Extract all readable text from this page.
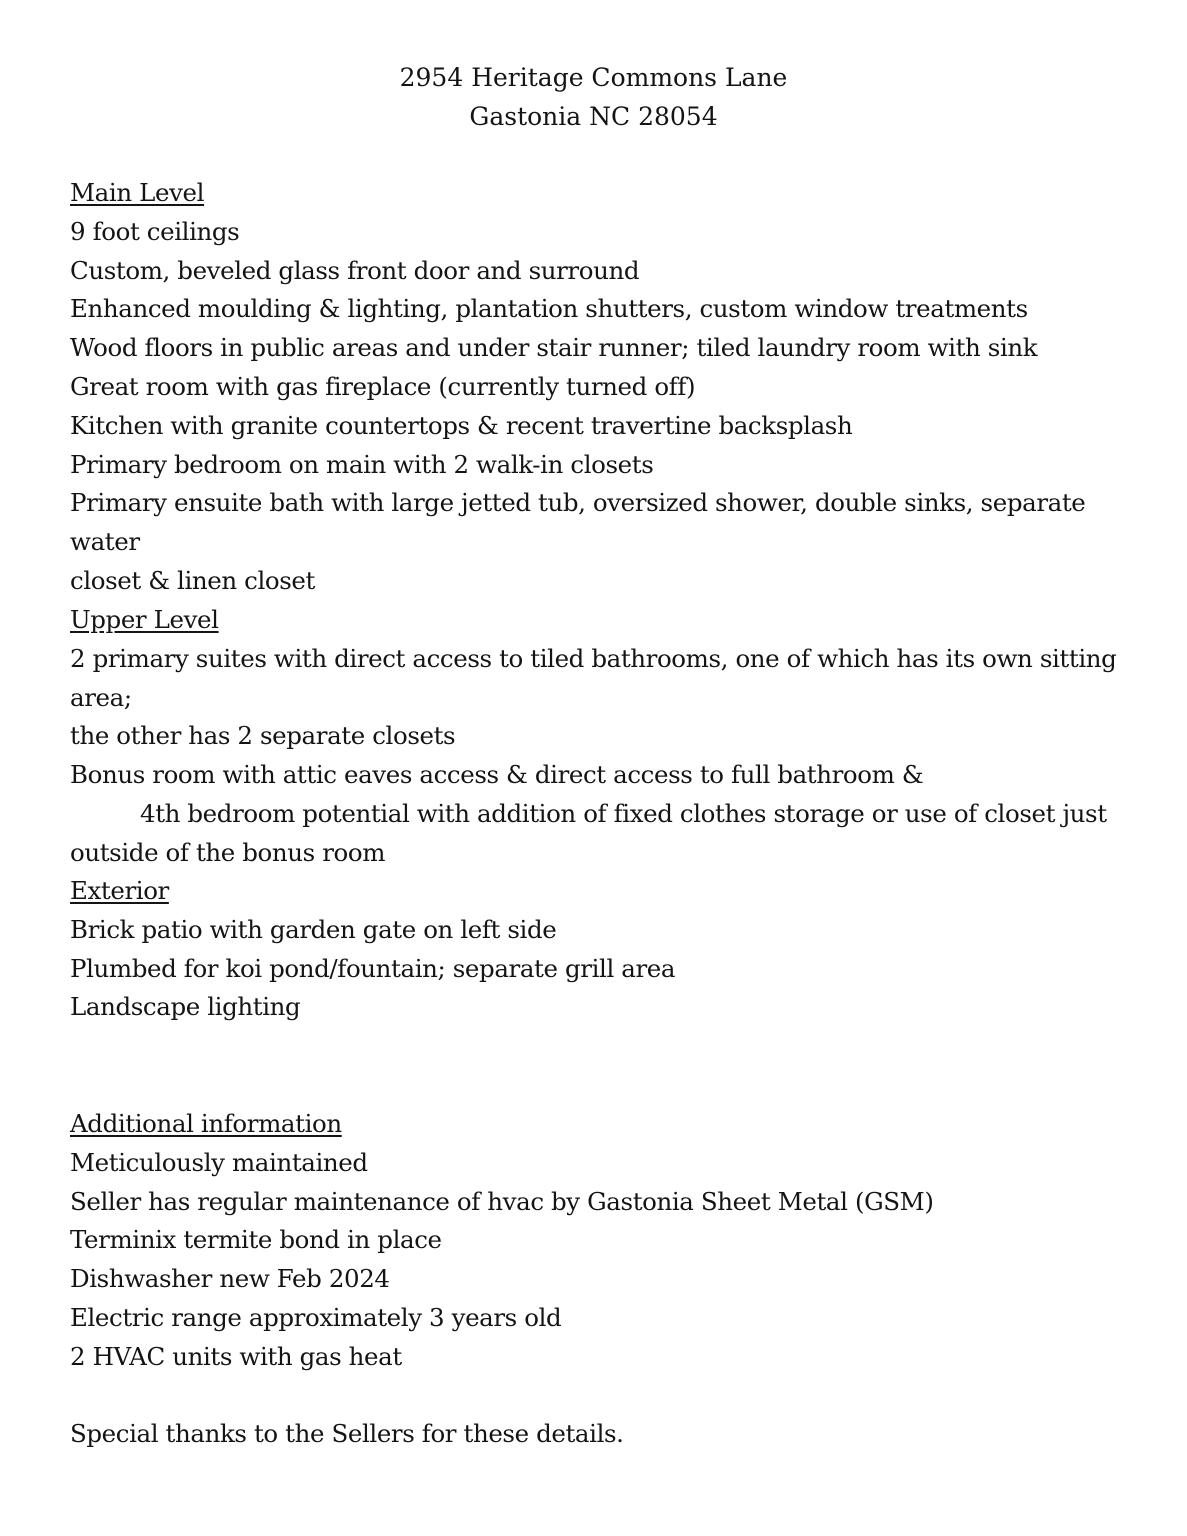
2954 Heritage Commons Lane
Gastonia NC 28054
Main Level
9 foot ceilings
Custom, beveled glass front door and surround
Enhanced moulding & lighting, plantation shutters, custom window treatments
Wood floors in public areas and under stair runner; tiled laundry room with sink
Great room with gas fireplace (currently turned off)
Kitchen with granite countertops & recent travertine backsplash
Primary bedroom on main with 2 walk-in closets
Primary ensuite bath with large jetted tub, oversized shower, double sinks, separate water
closet & linen closet
Upper Level
2 primary suites with direct access to tiled bathrooms, one of which has its own sitting area;
the other has 2 separate closets
Bonus room with attic eaves access & direct access to full bathroom &
4th bedroom potential with addition of fixed clothes storage or use of closet just
outside of the bonus room
Exterior
Brick patio with garden gate on left side
Plumbed for koi pond/fountain; separate grill area
Landscape lighting
Additional information
Meticulously maintained
Seller has regular maintenance of hvac by Gastonia Sheet Metal (GSM)
Terminix termite bond in place
Dishwasher new Feb 2024
Electric range approximately 3 years old
2 HVAC units with gas heat
Special thanks to the Sellers for these details.
